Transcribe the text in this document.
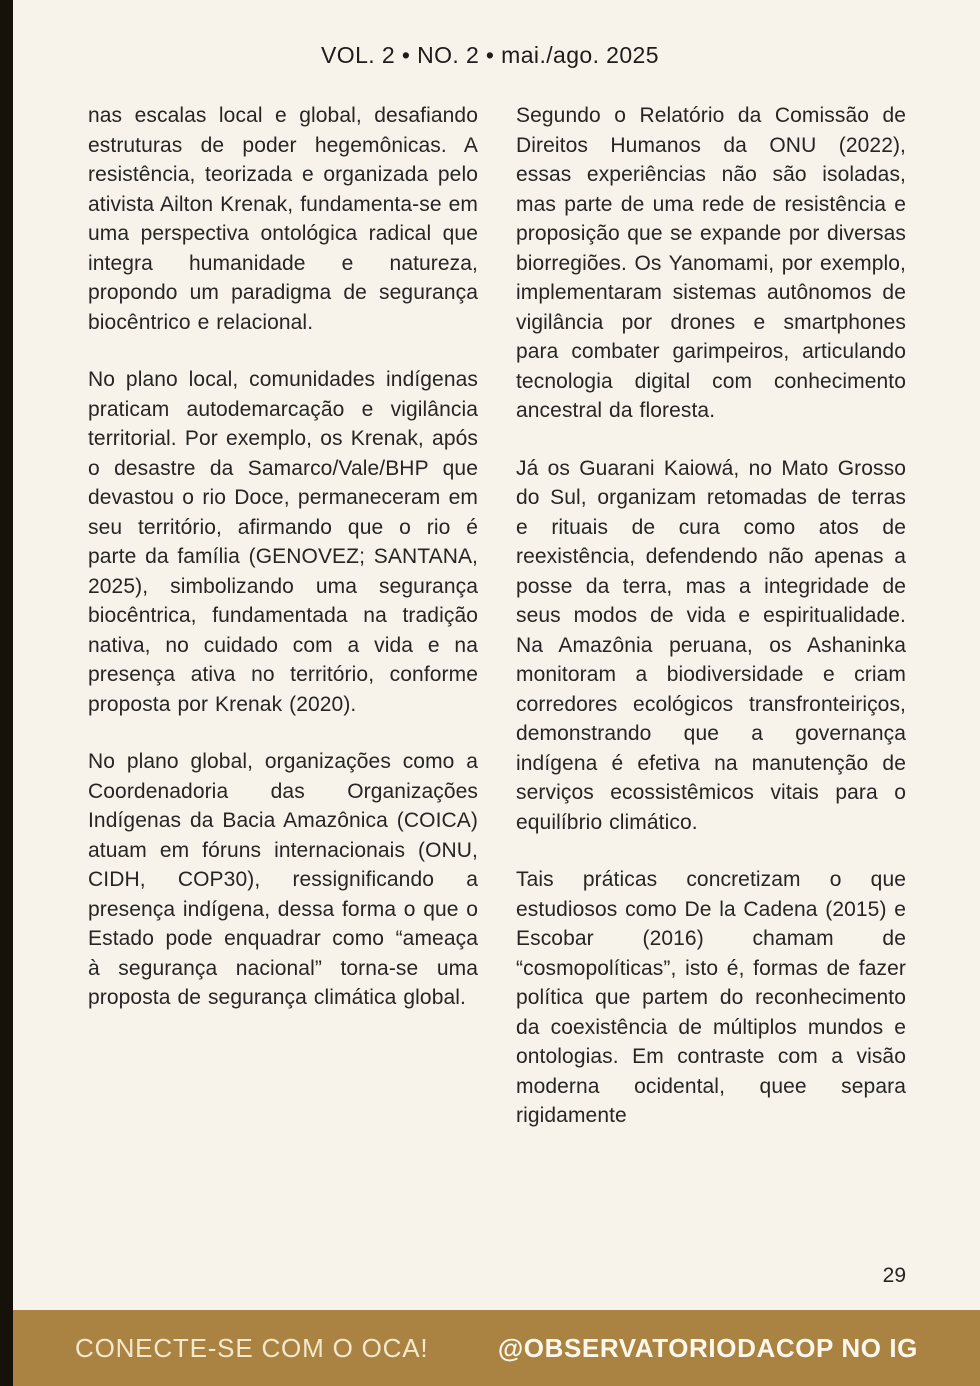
VOL. 2 • NO. 2 • mai./ago. 2025

nas escalas local e global, desafiando estruturas de poder hegemônicas. A resistência, teorizada e organizada pelo ativista Ailton Krenak, fundamenta-se em uma perspectiva ontológica radical que integra humanidade e natureza, propondo um paradigma de segurança biocêntrico e relacional.

No plano local, comunidades indígenas praticam autodemarcação e vigilância territorial. Por exemplo, os Krenak, após o desastre da Samarco/Vale/BHP que devastou o rio Doce, permaneceram em seu território, afirmando que o rio é parte da família (GENOVEZ; SANTANA, 2025), simbolizando uma segurança biocêntrica, fundamentada na tradição nativa, no cuidado com a vida e na presença ativa no território, conforme proposta por Krenak (2020).

No plano global, organizações como a Coordenadoria das Organizações Indígenas da Bacia Amazônica (COICA) atuam em fóruns internacionais (ONU, CIDH, COP30), ressignificando a presença indígena, dessa forma o que o Estado pode enquadrar como “ameaça à segurança nacional” torna-se uma proposta de segurança climática global.

Segundo o Relatório da Comissão de Direitos Humanos da ONU (2022), essas experiências não são isoladas, mas parte de uma rede de resistência e proposição que se expande por diversas biorregiões. Os Yanomami, por exemplo, implementaram sistemas autônomos de vigilância por drones e smartphones para combater garimpeiros, articulando tecnologia digital com conhecimento ancestral da floresta.

Já os Guarani Kaiowá, no Mato Grosso do Sul, organizam retomadas de terras e rituais de cura como atos de reexistência, defendendo não apenas a posse da terra, mas a integridade de seus modos de vida e espiritualidade. Na Amazônia peruana, os Ashaninka monitoram a biodiversidade e criam corredores ecológicos transfronteiriços, demonstrando que a governança indígena é efetiva na manutenção de serviços ecossistêmicos vitais para o equilíbrio climático.

Tais práticas concretizam o que estudiosos como De la Cadena (2015) e Escobar (2016) chamam de “cosmopolíticas”, isto é, formas de fazer política que partem do reconhecimento da coexistência de múltiplos mundos e ontologias. Em contraste com a visão moderna ocidental, quee separa rigidamente

29
CONECTE-SE COM O OCA!	@OBSERVATORIODACOP NO IG
